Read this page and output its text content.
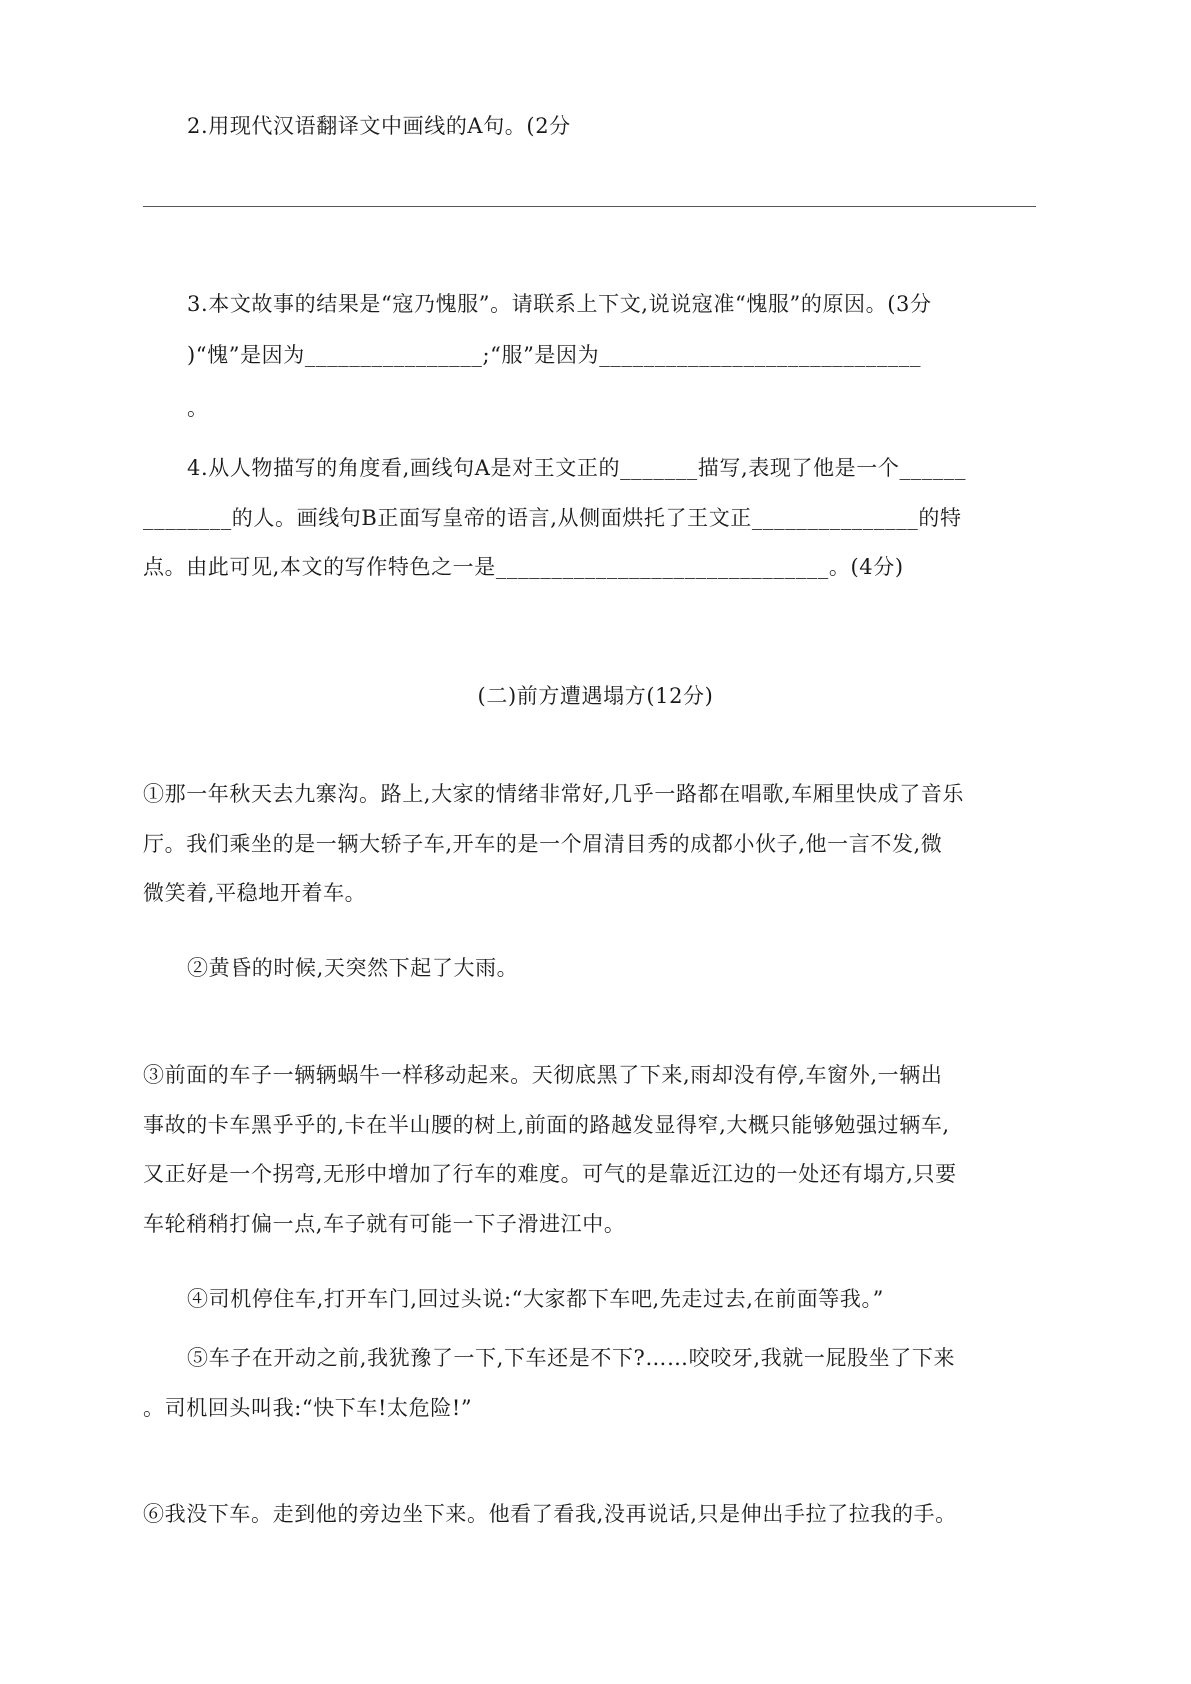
2.用现代汉语翻译文中画线的A句。(2分

3.本文故事的结果是“寇乃愧服”。请联系上下文,说说寇准“愧服”的原因。(3分

)“愧”是因为________________;“服”是因为_____________________________

。

4.从人物描写的角度看,画线句A是对王文正的_______描写,表现了他是一个______

________的人。画线句B正面写皇帝的语言,从侧面烘托了王文正_______________的特

点。由此可见,本文的写作特色之一是______________________________。(4分)

(二)前方遭遇塌方(12分)

①那一年秋天去九寨沟。路上,大家的情绪非常好,几乎一路都在唱歌,车厢里快成了音乐

厅。我们乘坐的是一辆大轿子车,开车的是一个眉清目秀的成都小伙子,他一言不发,微

微笑着,平稳地开着车。

②黄昏的时候,天突然下起了大雨。

③前面的车子一辆辆蜗牛一样移动起来。天彻底黑了下来,雨却没有停,车窗外,一辆出

事故的卡车黑乎乎的,卡在半山腰的树上,前面的路越发显得窄,大概只能够勉强过辆车,

又正好是一个拐弯,无形中增加了行车的难度。可气的是靠近江边的一处还有塌方,只要

车轮稍稍打偏一点,车子就有可能一下子滑进江中。

④司机停住车,打开车门,回过头说:“大家都下车吧,先走过去,在前面等我。”

⑤车子在开动之前,我犹豫了一下,下车还是不下?……咬咬牙,我就一屁股坐了下来

。司机回头叫我:“快下车!太危险!”

⑥我没下车。走到他的旁边坐下来。他看了看我,没再说话,只是伸出手拉了拉我的手。
